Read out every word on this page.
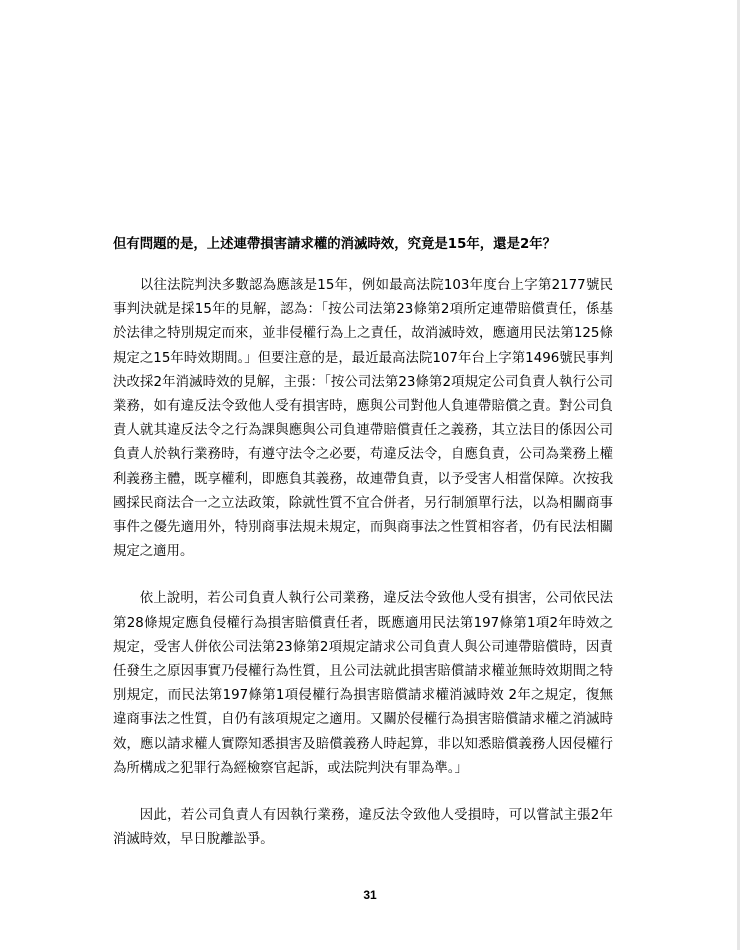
但有問題的是，上述連帶損害請求權的消滅時效，究竟是15年，還是2年？

以往法院判決多數認為應該是15年，例如最高法院103年度台上字第2177號民事判決就是採15年的見解，認為：「按公司法第23條第2項所定連帶賠償責任，係基於法律之特別規定而來，並非侵權行為上之責任，故消滅時效，應適用民法第125條規定之15年時效期間。」但要注意的是，最近最高法院107年台上字第1496號民事判決改採2年消滅時效的見解，主張：「按公司法第23條第2項規定公司負責人執行公司業務，如有違反法令致他人受有損害時，應與公司對他人負連帶賠償之責。對公司負責人就其違反法令之行為課與應與公司負連帶賠償責任之義務，其立法目的係因公司負責人於執行業務時，有遵守法令之必要，苟違反法令，自應負責，公司為業務上權利義務主體，既享權利，即應負其義務，故連帶負責，以予受害人相當保障。次按我國採民商法合一之立法政策，除就性質不宜合併者，另行制頒單行法，以為相關商事事件之優先適用外，特別商事法規未規定，而與商事法之性質相容者，仍有民法相關規定之適用。

依上說明，若公司負責人執行公司業務，違反法令致他人受有損害，公司依民法第28條規定應負侵權行為損害賠償責任者，既應適用民法第197條第1項2年時效之規定，受害人併依公司法第23條第2項規定請求公司負責人與公司連帶賠償時，因責任發生之原因事實乃侵權行為性質，且公司法就此損害賠償請求權並無時效期間之特別規定，而民法第197條第1項侵權行為損害賠償請求權消滅時效 2年之規定，復無違商事法之性質，自仍有該項規定之適用。又關於侵權行為損害賠償請求權之消滅時效，應以請求權人實際知悉損害及賠償義務人時起算，非以知悉賠償義務人因侵權行為所構成之犯罪行為經檢察官起訴，或法院判決有罪為準。」

因此，若公司負責人有因執行業務，違反法令致他人受損時，可以嘗試主張2年消滅時效，早日脫離訟爭。

31
